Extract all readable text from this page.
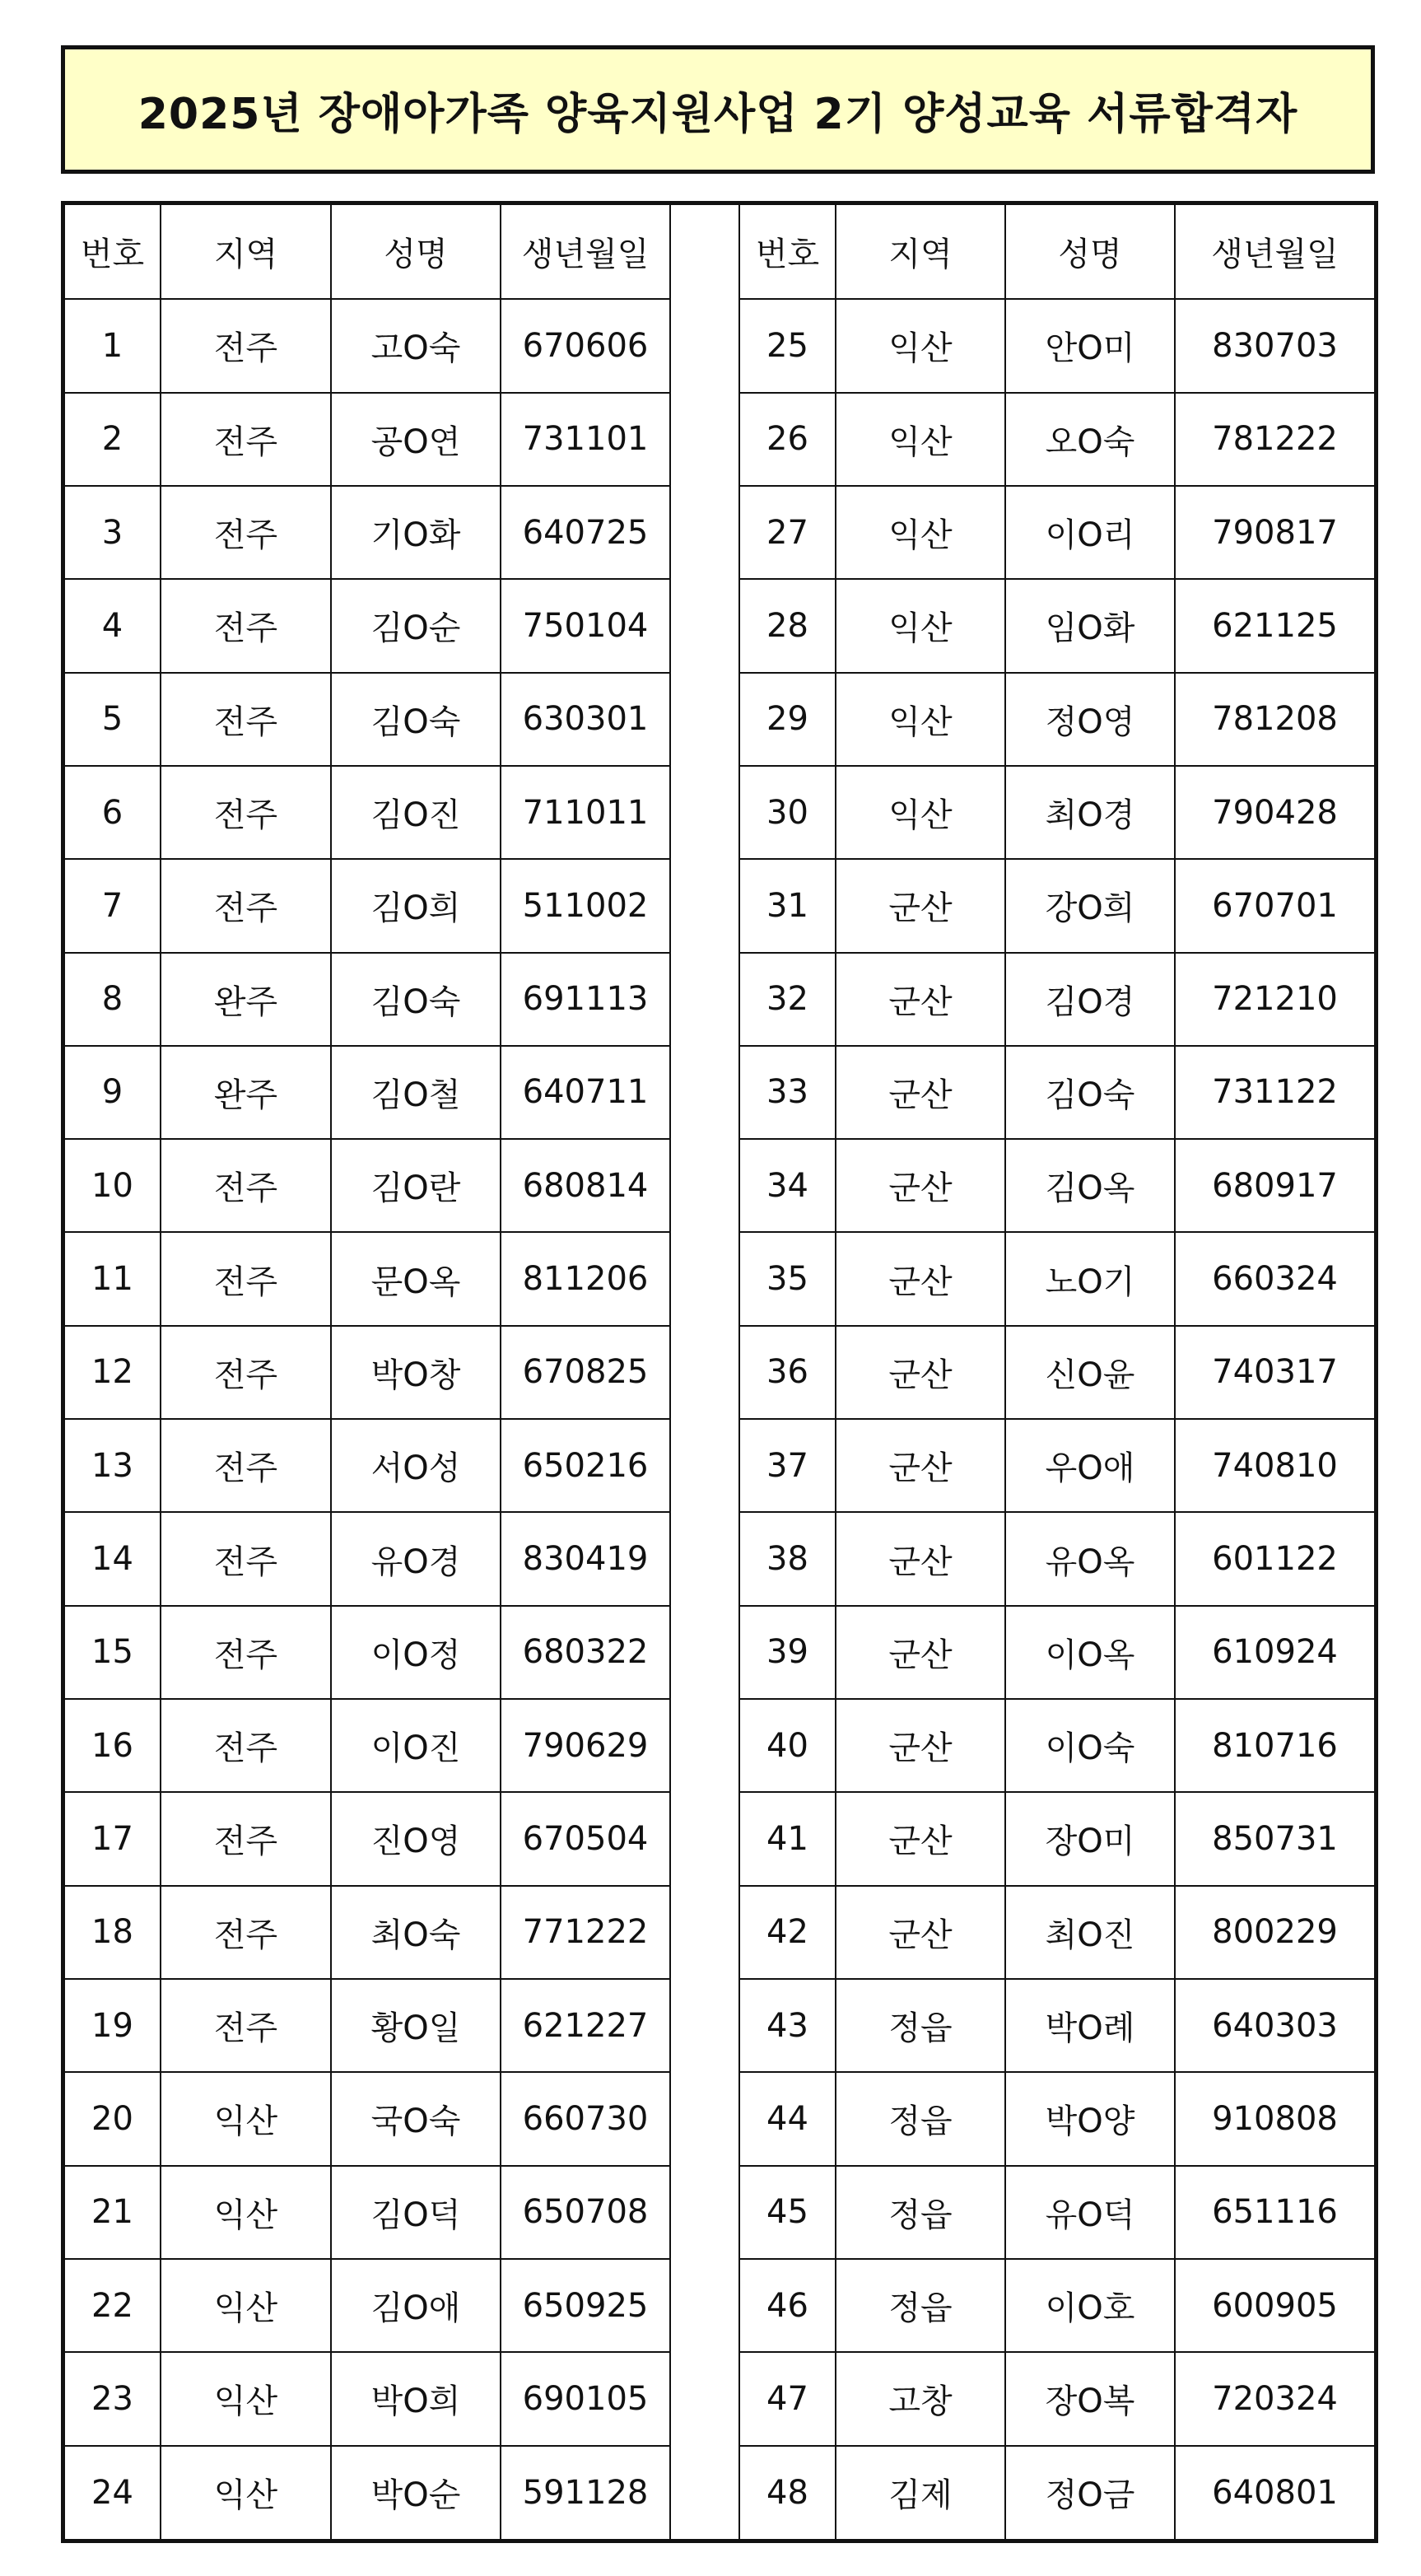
2025년 장애아가족 양육지원사업 2기 양성교육 서류합격자
번호	지역	성명	생년월일		번호	지역	성명	생년월일
1	전주	고O숙	670606		25	익산	안O미	830703
2	전주	공O연	731101		26	익산	오O숙	781222
3	전주	기O화	640725		27	익산	이O리	790817
4	전주	김O순	750104		28	익산	임O화	621125
5	전주	김O숙	630301		29	익산	정O영	781208
6	전주	김O진	711011		30	익산	최O경	790428
7	전주	김O희	511002		31	군산	강O희	670701
8	완주	김O숙	691113		32	군산	김O경	721210
9	완주	김O철	640711		33	군산	김O숙	731122
10	전주	김O란	680814		34	군산	김O옥	680917
11	전주	문O옥	811206		35	군산	노O기	660324
12	전주	박O창	670825		36	군산	신O윤	740317
13	전주	서O성	650216		37	군산	우O애	740810
14	전주	유O경	830419		38	군산	유O옥	601122
15	전주	이O정	680322		39	군산	이O옥	610924
16	전주	이O진	790629		40	군산	이O숙	810716
17	전주	진O영	670504		41	군산	장O미	850731
18	전주	최O숙	771222		42	군산	최O진	800229
19	전주	황O일	621227		43	정읍	박O례	640303
20	익산	국O숙	660730		44	정읍	박O양	910808
21	익산	김O덕	650708		45	정읍	유O덕	651116
22	익산	김O애	650925		46	정읍	이O호	600905
23	익산	박O희	690105		47	고창	장O복	720324
24	익산	박O순	591128		48	김제	정O금	640801
